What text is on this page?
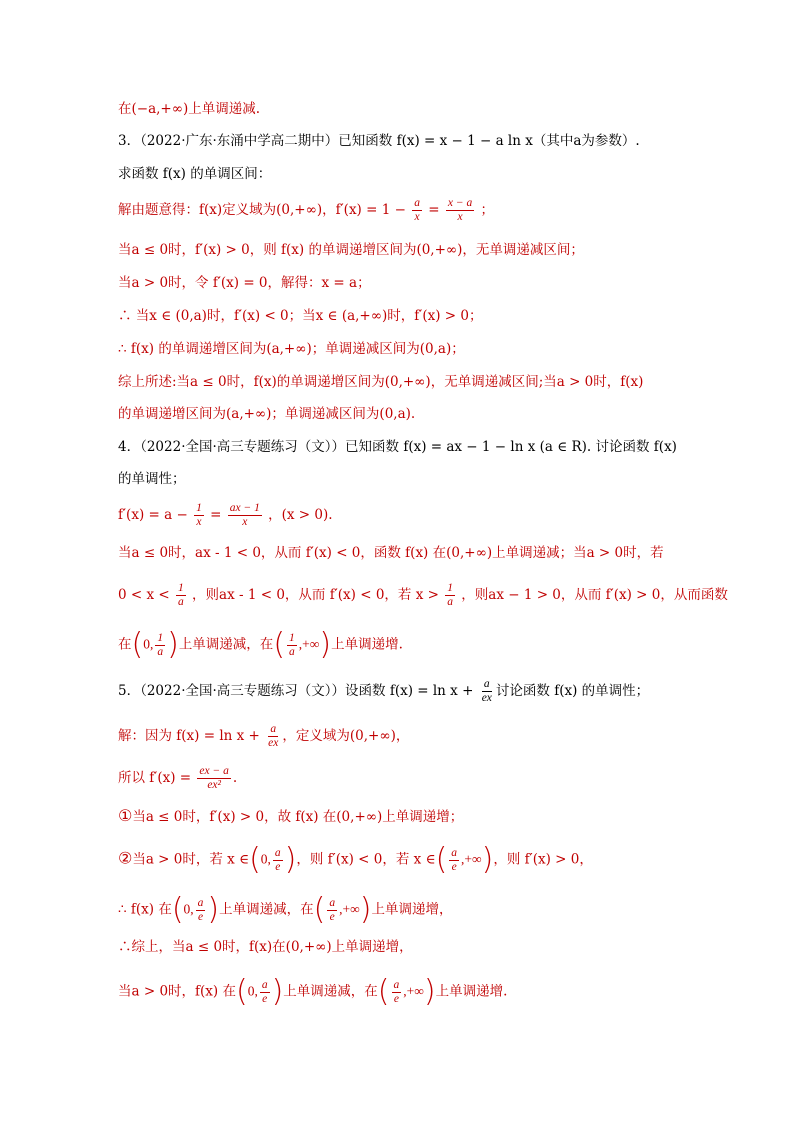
在(−a,+∞)上单调递减.
3．（2022·广东·东涌中学高二期中）已知函数 f(x) = x − 1 − a ln x（其中a为参数）.
求函数 f(x) 的单调区间：
解由题意得：f(x)定义域为(0,+∞)，$f'(x) = 1 - \frac{a}{x} = \frac{x - a}{x}$ ；
当a ≤ 0时，f′(x) > 0，则 f(x) 的单调递增区间为(0,+∞)，无单调递减区间；
当a > 0时，令 f′(x) = 0，解得：x = a；
∴ 当x ∈ (0,a)时，f′(x) < 0；当x ∈ (a,+∞)时，f′(x) > 0；
∴ f(x) 的单调递增区间为(a,+∞)；单调递减区间为(0,a)；
综上所述:当a ≤ 0时，f(x)的单调递增区间为(0,+∞)，无单调递减区间;当a > 0时，f(x)
的单调递增区间为(a,+∞)；单调递减区间为(0,a).
4．（2022·全国·高三专题练习（文））已知函数 f(x) = ax − 1 − ln x (a ∈ R). 讨论函数 f(x)
的单调性；
$f'(x) = a - \frac{1}{x} = \frac{ax - 1}{x}$ ，(x > 0).
当a ≤ 0时，ax - 1 < 0，从而 f′(x) < 0，函数 f(x) 在(0,+∞)上单调递减；当a > 0时，若
$0 < x < \frac{1}{a}$ ，则ax - 1 < 0，从而 f′(x) < 0，若 $x > \frac{1}{a}$ ，则ax − 1 > 0，从而 f′(x) > 0，从而函数
在(0, $\frac{1}{a}$ )上单调递减，在( $\frac{1}{a}$ ,+∞)上单调递增.
5．（2022·全国·高三专题练习（文））设函数 $f(x) = \ln x + \frac{a}{ex}$ 讨论函数 f(x) 的单调性；
解：因为 $f(x) = \ln x + \frac{a}{ex}$ ，定义域为(0,+∞)，
所以 $f'(x) = \frac{ex - a}{\text{ex²}}$ .
①当a ≤ 0时，f′(x) > 0，故 f(x) 在(0,+∞)上单调递增；
②当a > 0时，若 x ∈(0, $\frac{a}{e}$ )，则 f′(x) < 0，若 x ∈( $\frac{a}{e}$ ,+∞)，则 f′(x) > 0，
∴ f(x) 在(0, $\frac{a}{e}$ )上单调递减，在( $\frac{a}{e}$ ,+∞)上单调递增，
∴综上，当a ≤ 0时，f(x)在(0,+∞)上单调递增，
当a > 0时，f(x) 在(0, $\frac{a}{e}$ )上单调递减，在( $\frac{a}{e}$ ,+∞)上单调递增.
